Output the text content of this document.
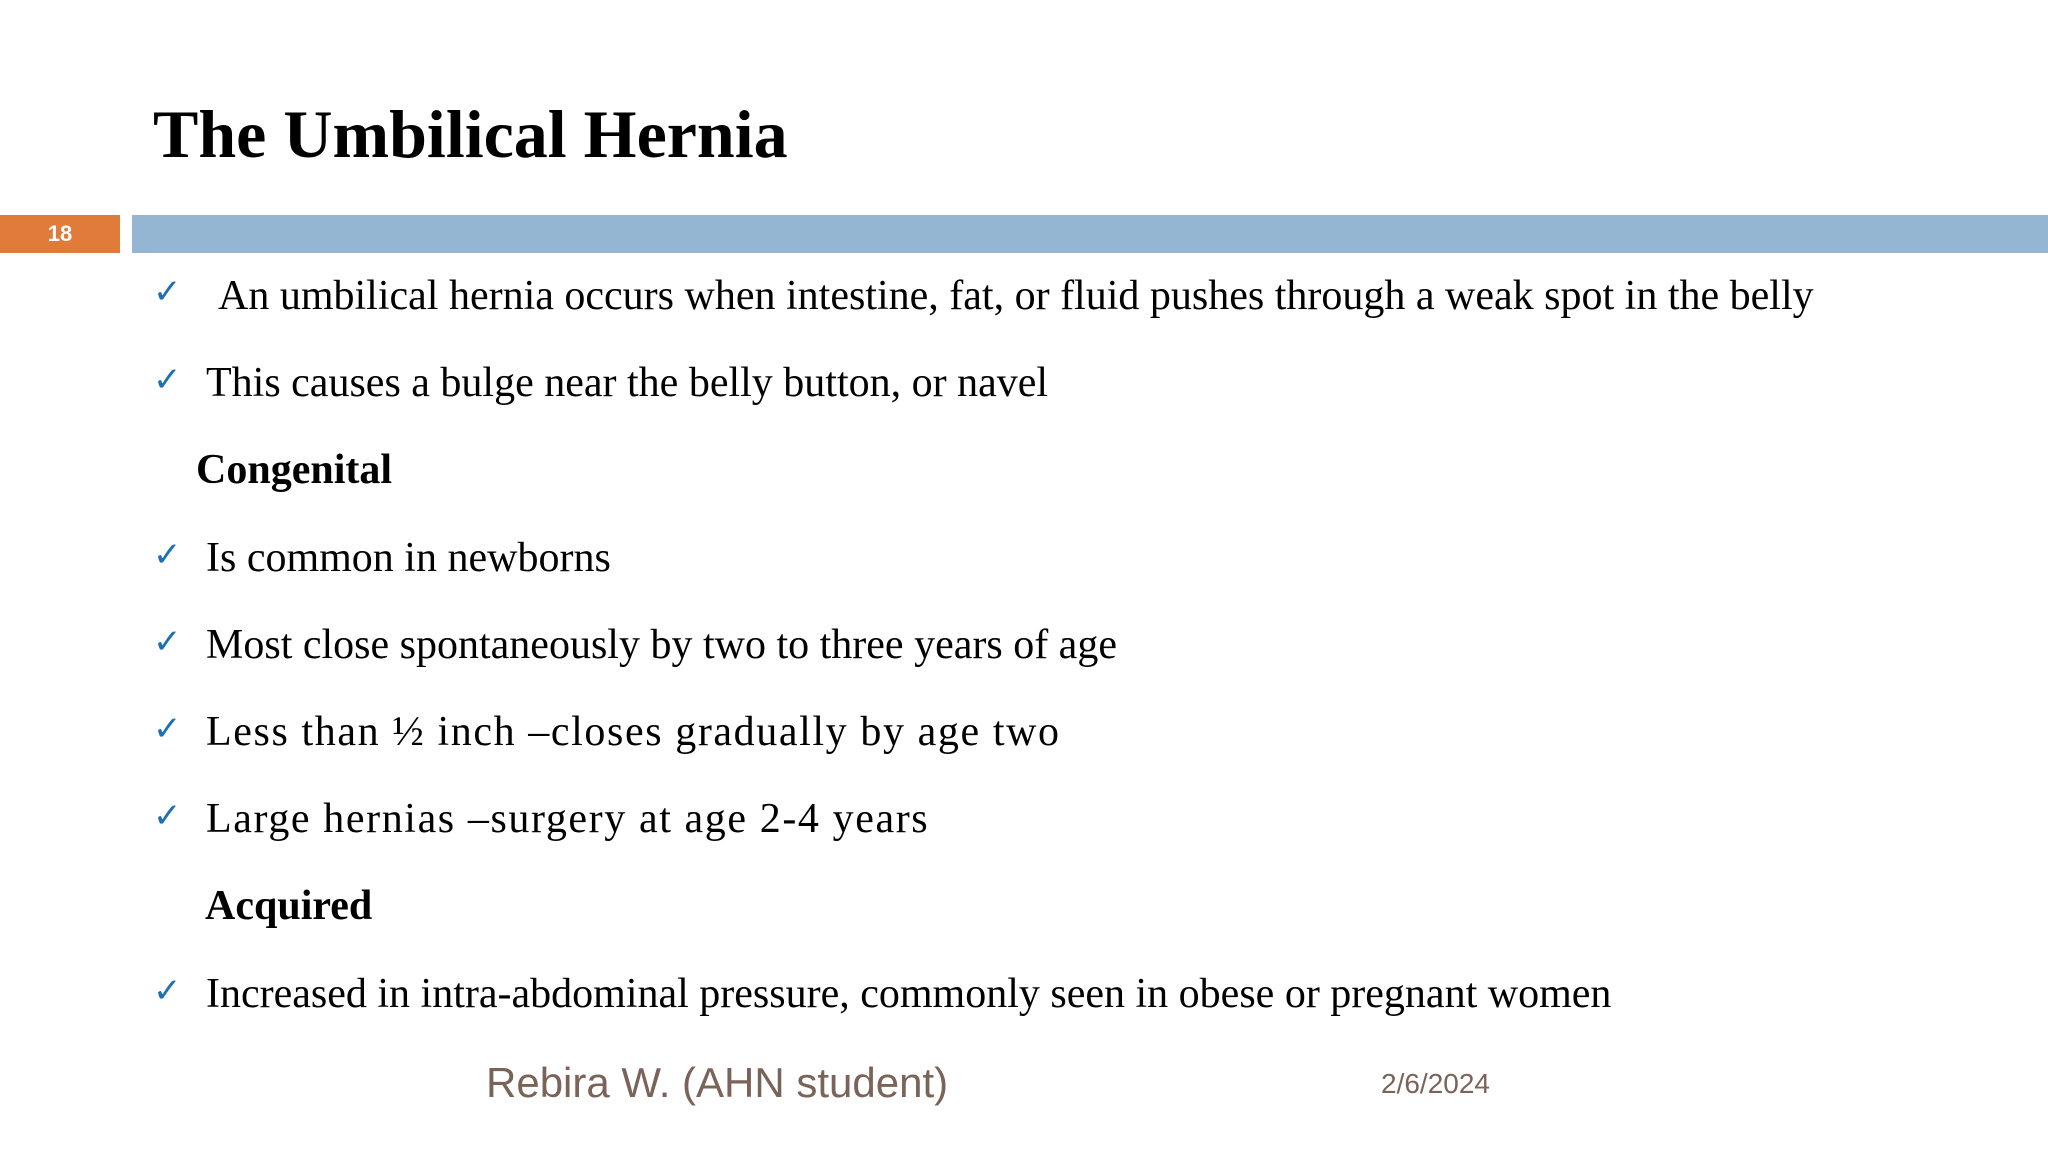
The Umbilical Hernia
18
✓ An umbilical hernia occurs when intestine, fat, or fluid pushes through a weak spot in the belly
✓ This causes a bulge near the belly button, or navel
Congenital
✓ Is common in newborns
✓ Most close spontaneously by two to three years of age
✓ Less than ½ inch –closes gradually by age two
✓ Large hernias –surgery at age 2-4 years
Acquired
✓ Increased in intra-abdominal pressure, commonly seen in obese or pregnant women
Rebira W. (AHN student)	2/6/2024
